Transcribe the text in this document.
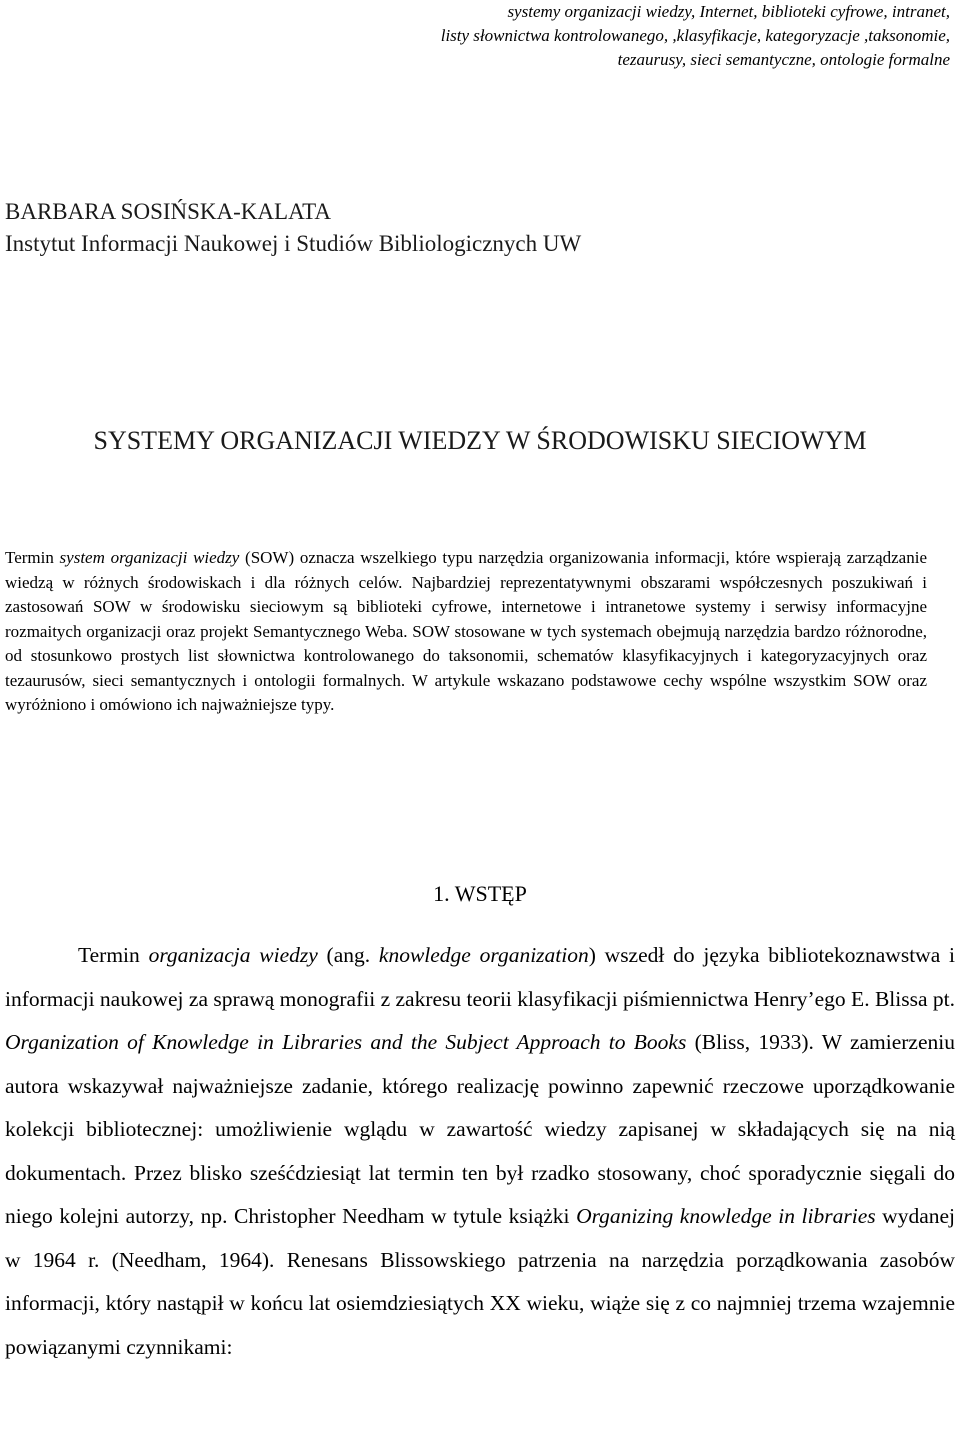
systemy organizacji wiedzy, Internet, biblioteki cyfrowe, intranet,
listy słownictwa kontrolowanego, ,klasyfikacje, kategoryzacje ,taksonomie,
tezaurusy, sieci semantyczne, ontologie formalne
BARBARA SOSIŃSKA-KALATA
Instytut Informacji Naukowej i Studiów Bibliologicznych UW
SYSTEMY ORGANIZACJI WIEDZY W ŚRODOWISKU SIECIOWYM

Termin system organizacji wiedzy (SOW) oznacza wszelkiego typu narzędzia organizowania informacji, które wspierają zarządzanie wiedzą w różnych środowiskach i dla różnych celów. Najbardziej reprezentatywnymi obszarami współczesnych poszukiwań i zastosowań SOW w środowisku sieciowym są biblioteki cyfrowe, internetowe i intranetowe systemy i serwisy informacyjne rozmaitych organizacji oraz projekt Semantycznego Weba. SOW stosowane w tych systemach obejmują narzędzia bardzo różnorodne, od stosunkowo prostych list słownictwa kontrolowanego do taksonomii, schematów klasyfikacyjnych i kategoryzacyjnych oraz tezaurusów, sieci semantycznych i ontologii formalnych. W artykule wskazano podstawowe cechy wspólne wszystkim SOW oraz wyróżniono i omówiono ich najważniejsze typy.

1. WSTĘP

Termin organizacja wiedzy (ang. knowledge organization) wszedł do języka bibliotekoznawstwa i informacji naukowej za sprawą monografii z zakresu teorii klasyfikacji piśmiennictwa Henry’ego E. Blissa pt. Organization of Knowledge in Libraries and the Subject Approach to Books (Bliss, 1933). W zamierzeniu autora wskazywał najważniejsze zadanie, którego realizację powinno zapewnić rzeczowe uporządkowanie kolekcji bibliotecznej: umożliwienie wglądu w zawartość wiedzy zapisanej w składających się na nią dokumentach. Przez blisko sześćdziesiąt lat termin ten był rzadko stosowany, choć sporadycznie sięgali do niego kolejni autorzy, np. Christopher Needham w tytule książki Organizing knowledge in libraries wydanej w 1964 r. (Needham, 1964). Renesans Blissowskiego patrzenia na narzędzia porządkowania zasobów informacji, który nastąpił w końcu lat osiemdziesiątych XX wieku, wiąże się z co najmniej trzema wzajemnie powiązanymi czynnikami:
